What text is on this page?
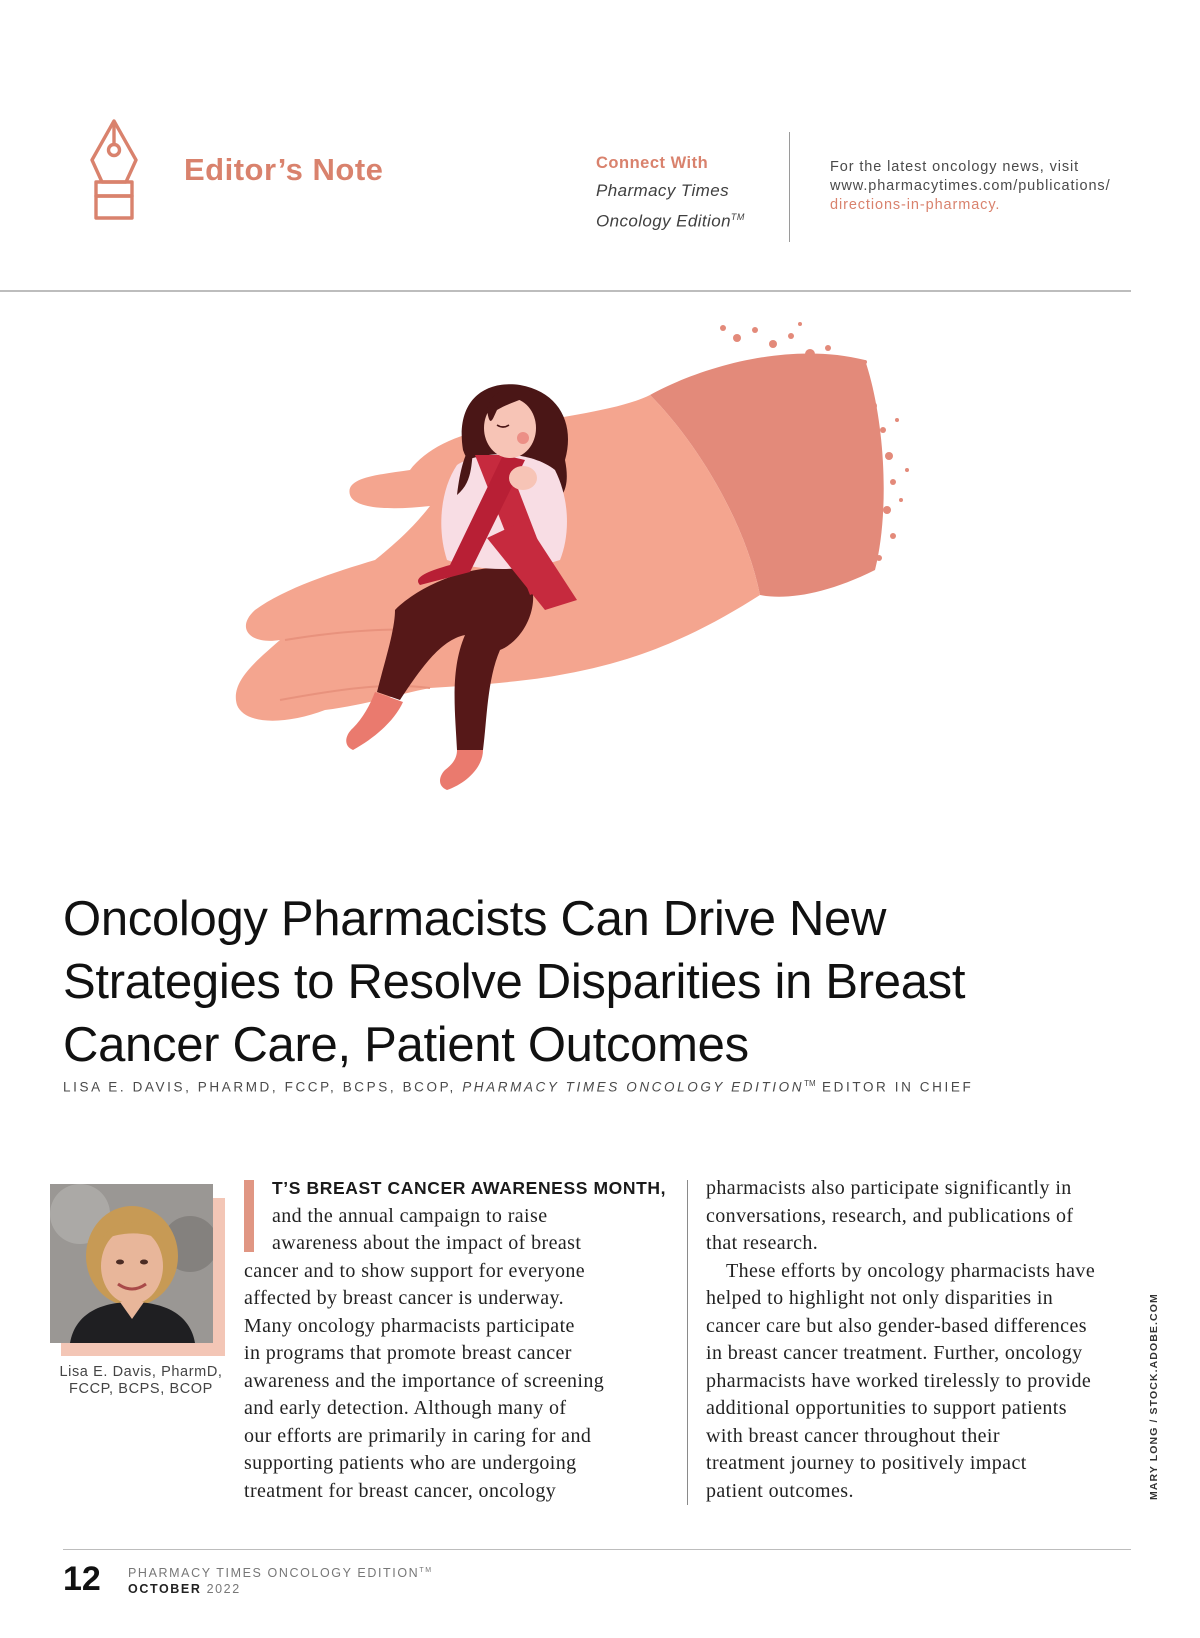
Editor’s Note	Connect With
Pharmacy Times
Oncology Edition™
For the latest oncology news, visit
www.pharmacytimes.com/publications/
directions-in-pharmacy.
Oncology Pharmacists Can Drive New Strategies to Resolve Disparities in Breast Cancer Care, Patient Outcomes
LISA E. DAVIS, PHARMD, FCCP, BCPS, BCOP, PHARMACY TIMES ONCOLOGY EDITION™ EDITOR IN CHIEF
Lisa E. Davis, PharmD,
FCCP, BCPS, BCOP
T’S BREAST CANCER AWARENESS MONTH,
and the annual campaign to raise
awareness about the impact of breast
cancer and to show support for everyone
affected by breast cancer is underway.
Many oncology pharmacists participate
in programs that promote breast cancer
awareness and the importance of screening
and early detection. Although many of
our efforts are primarily in caring for and
supporting patients who are undergoing
treatment for breast cancer, oncology
pharmacists also participate significantly in
conversations, research, and publications of
that research.
These efforts by oncology pharmacists have
helped to highlight not only disparities in
cancer care but also gender-based differences
in breast cancer treatment. Further, oncology
pharmacists have worked tirelessly to provide
additional opportunities to support patients
with breast cancer throughout their
treatment journey to positively impact
patient outcomes.	MARY LONG / STOCK.ADOBE.COM
12 PHARMACY TIMES ONCOLOGY EDITION™
OCTOBER 2022
